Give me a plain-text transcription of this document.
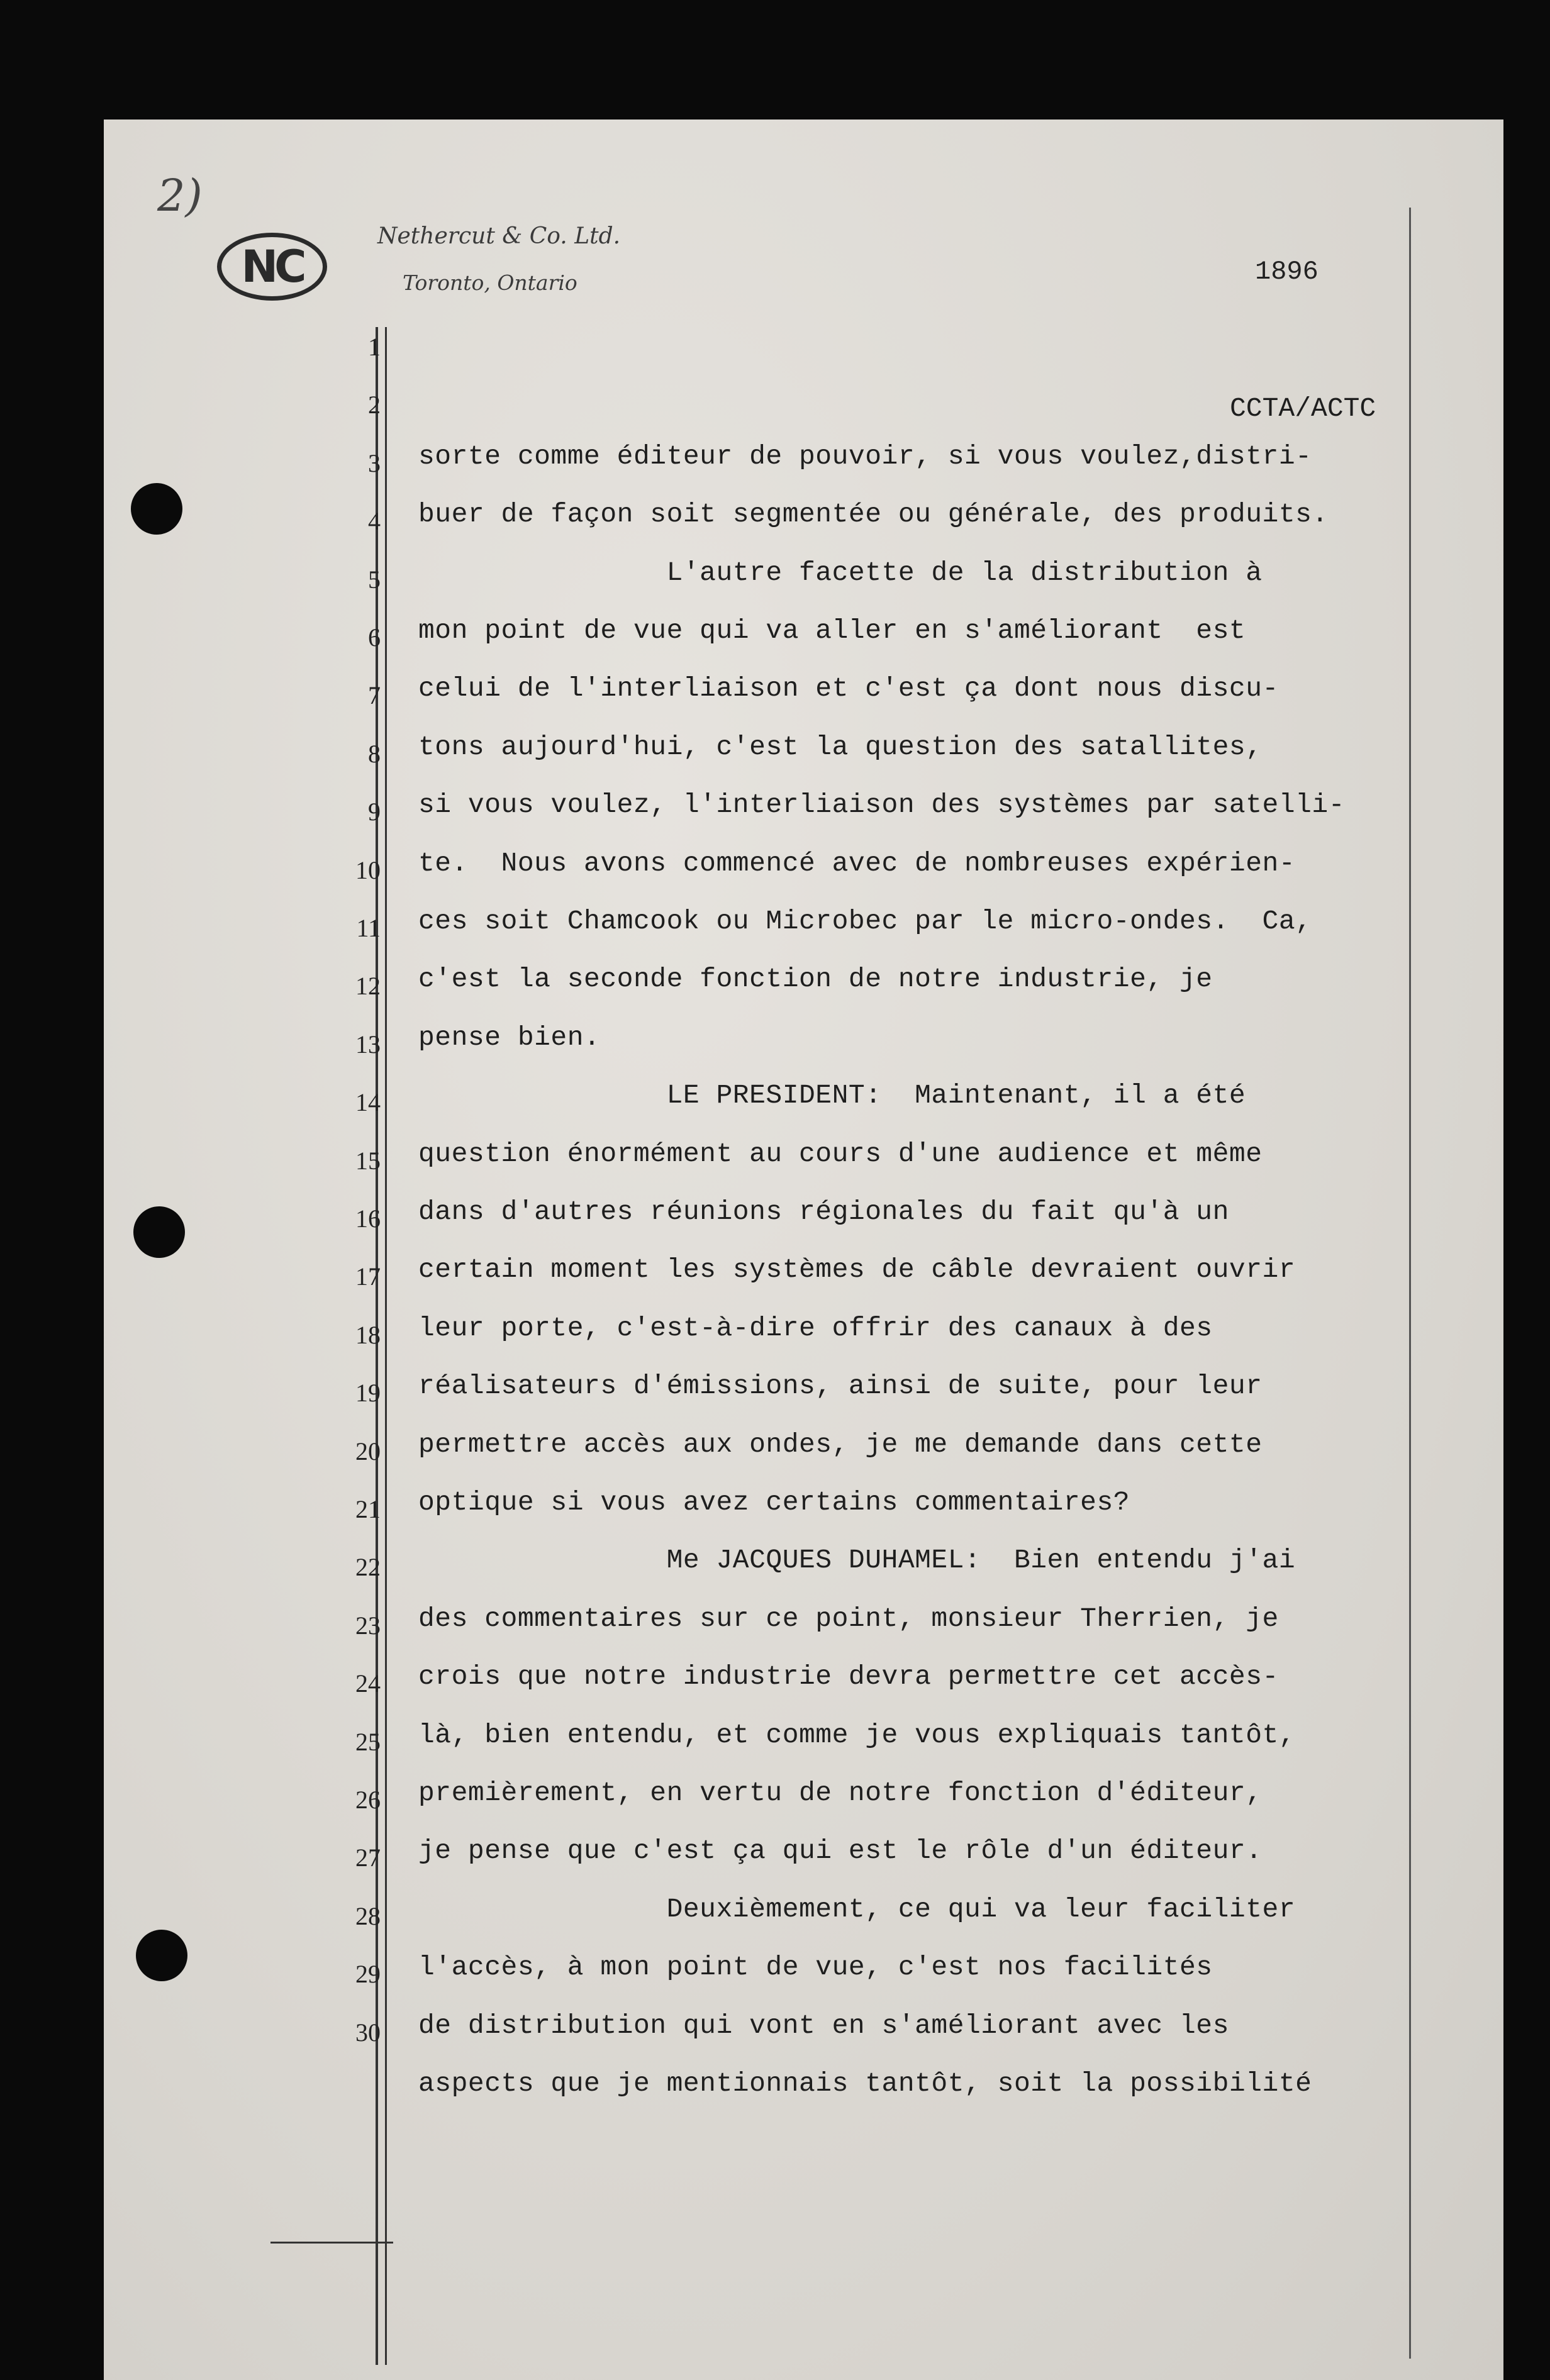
2)
NC
Nethercut & Co. Ltd.
Toronto, Ontario	1896
CCTA/ACTC
1
2
3
4
5
6
7
8
9
10
11
12
13
14
15
16
17
18
19
20
21
22
23
24
25
26
27
28
29
30
sorte comme éditeur de pouvoir, si vous voulez,distri-
buer de façon soit segmentée ou générale, des produits.
L'autre facette de la distribution à
mon point de vue qui va aller en s'améliorant  est
celui de l'interliaison et c'est ça dont nous discu-
tons aujourd'hui, c'est la question des satallites,
si vous voulez, l'interliaison des systèmes par satelli-
te.  Nous avons commencé avec de nombreuses expérien-
ces soit Chamcook ou Microbec par le micro-ondes.  Ca,
c'est la seconde fonction de notre industrie, je
pense bien.
LE PRESIDENT:  Maintenant, il a été
question énormément au cours d'une audience et même
dans d'autres réunions régionales du fait qu'à un
certain moment les systèmes de câble devraient ouvrir
leur porte, c'est-à-dire offrir des canaux à des
réalisateurs d'émissions, ainsi de suite, pour leur
permettre accès aux ondes, je me demande dans cette
optique si vous avez certains commentaires?
Me JACQUES DUHAMEL:  Bien entendu j'ai
des commentaires sur ce point, monsieur Therrien, je
crois que notre industrie devra permettre cet accès-
là, bien entendu, et comme je vous expliquais tantôt,
premièrement, en vertu de notre fonction d'éditeur,
je pense que c'est ça qui est le rôle d'un éditeur.
Deuxièmement, ce qui va leur faciliter
l'accès, à mon point de vue, c'est nos facilités
de distribution qui vont en s'améliorant avec les
aspects que je mentionnais tantôt, soit la possibilité
